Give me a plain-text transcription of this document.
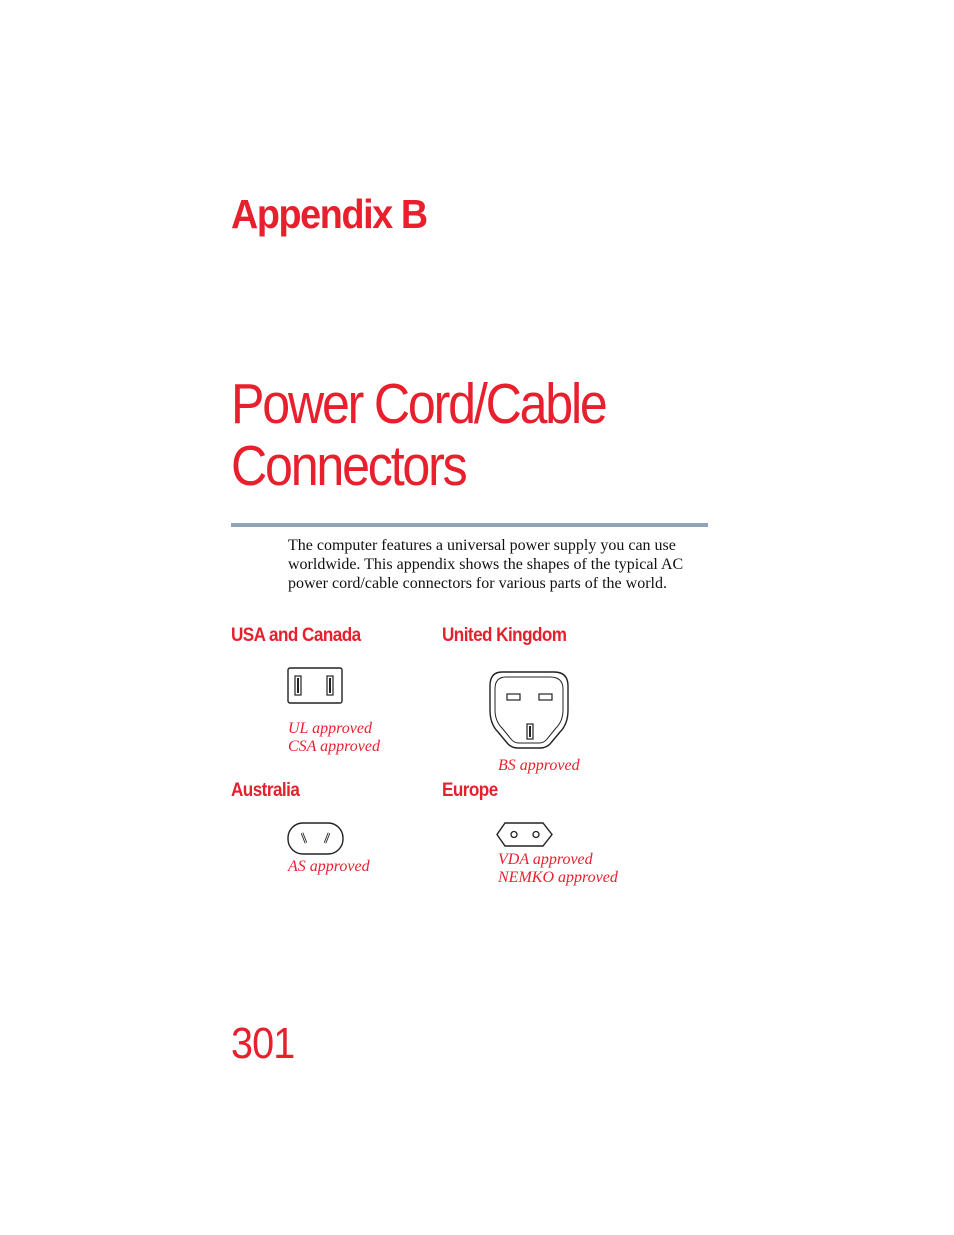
Appendix B
Power Cord/Cable
Connectors
The computer features a universal power supply you can use worldwide. This appendix shows the shapes of the typical AC power cord/cable connectors for various parts of the world.
USA and Canada
UL approved
CSA approved
United Kingdom
BS approved
Australia
AS approved
Europe
VDA approved
NEMKO approved
301
